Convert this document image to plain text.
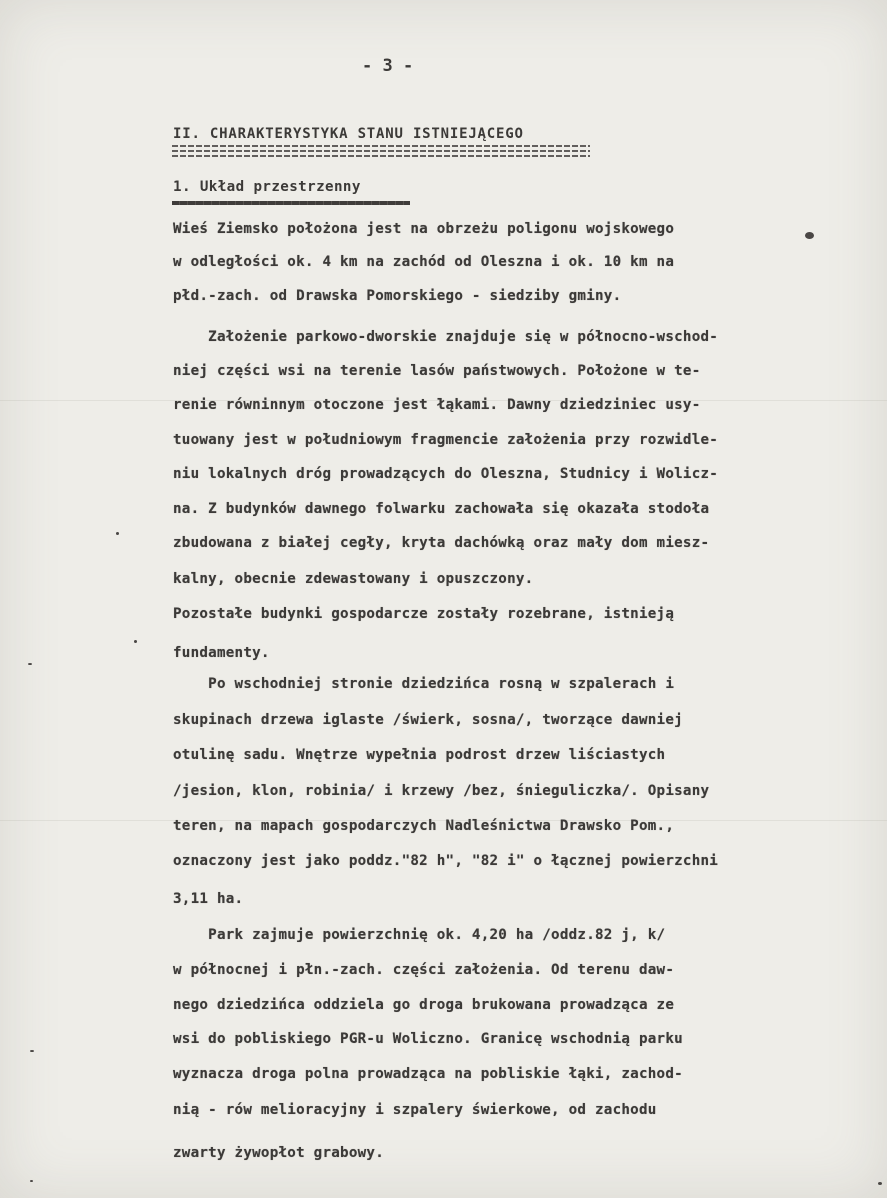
- 3 -
II. CHARAKTERYSTYKA STANU ISTNIEJĄCEGO
1. Układ przestrzenny
Wieś Ziemsko położona jest na obrzeżu poligonu wojskowego
w odległości ok. 4 km na zachód od Oleszna i ok. 10 km na
płd.-zach. od Drawska Pomorskiego - siedziby gminy.
Założenie parkowo-dworskie znajduje się w północno-wschod-
niej części wsi na terenie lasów państwowych. Położone w te-
renie równinnym otoczone jest łąkami. Dawny dziedziniec usy-
tuowany jest w południowym fragmencie założenia przy rozwidle-
niu lokalnych dróg prowadzących do Oleszna, Studnicy i Wolicz-
na. Z budynków dawnego folwarku zachowała się okazała stodoła
zbudowana z białej cegły, kryta dachówką oraz mały dom miesz-
kalny, obecnie zdewastowany i opuszczony.
Pozostałe budynki gospodarcze zostały rozebrane, istnieją
fundamenty.
Po wschodniej stronie dziedzińca rosną w szpalerach i
skupinach drzewa iglaste /świerk, sosna/, tworzące dawniej
otulinę sadu. Wnętrze wypełnia podrost drzew liściastych
/jesion, klon, robinia/ i krzewy /bez, śnieguliczka/. Opisany
teren, na mapach gospodarczych Nadleśnictwa Drawsko Pom.,
oznaczony jest jako poddz."82 h", "82 i" o łącznej powierzchni
3,11 ha.
Park zajmuje powierzchnię ok. 4,20 ha /oddz.82 j, k/
w północnej i płn.-zach. części założenia. Od terenu daw-
nego dziedzińca oddziela go droga brukowana prowadząca ze
wsi do pobliskiego PGR-u Woliczno. Granicę wschodnią parku
wyznacza droga polna prowadząca na pobliskie łąki, zachod-
nią - rów melioracyjny i szpalery świerkowe, od zachodu
zwarty żywopłot grabowy.
